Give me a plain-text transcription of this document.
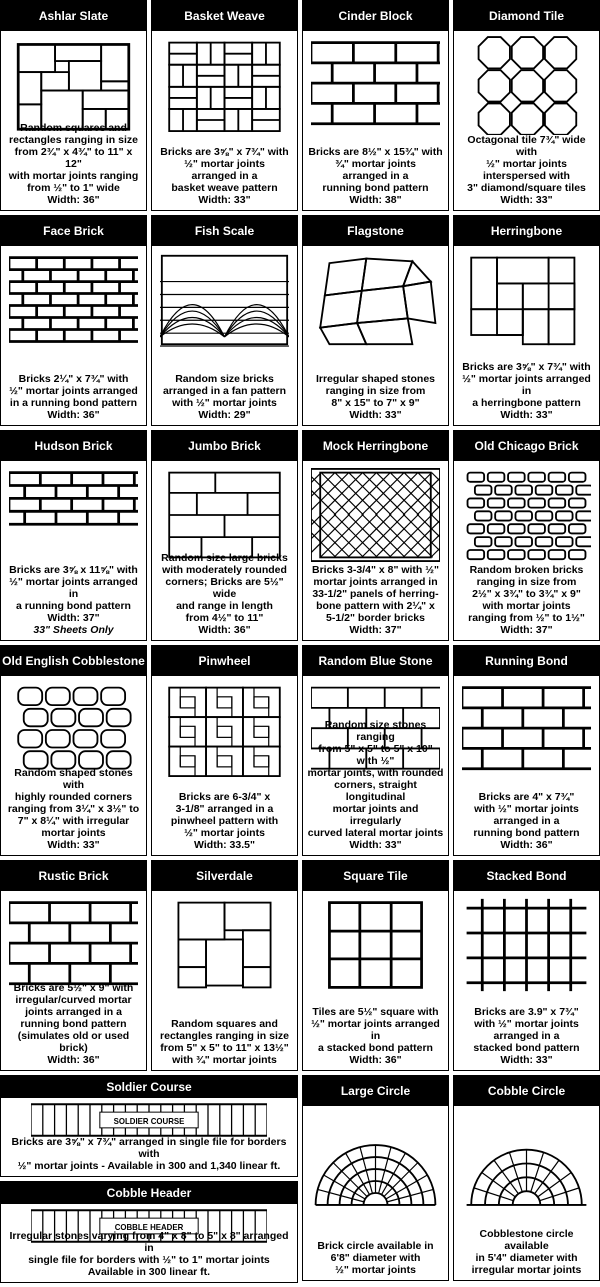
Ashlar Slate
Random squares and
rectangles ranging in size
from 2¾" x 4¾" to 11" x 12"
with mortar joints ranging
from ½" to 1" wide
Width: 36"
Basket Weave
Bricks are 3⅝" x 7¾" with
½" mortar joints
arranged in a
basket weave pattern
Width: 33"
Cinder Block
Bricks are 8½" x 15¾" with
¾" mortar joints
arranged in a
running bond pattern
Width: 38"
Diamond Tile
Octagonal tile 7¾" wide with
½" mortar joints
interspersed with
3" diamond/square tiles
Width: 33"
Face Brick
Bricks 2¼" x 7¾" with
½" mortar joints arranged
in a running bond pattern
Width: 36"
Fish Scale
Random size bricks
arranged in a fan pattern
with ½" mortar joints
Width: 29"
Flagstone
Irregular shaped stones
ranging in size from
8" x 15" to 7" x 9"
Width: 33"
Herringbone
Bricks are 3⅝" x 7¾" with
½" mortar joints arranged in
a herringbone pattern
Width: 33"
Hudson Brick
Bricks are 3⅝ x 11⅝" with
½" mortar joints arranged in
a running bond pattern
Width: 37"
33" Sheets Only
Jumbo Brick
Random size large bricks
with moderately rounded
corners; Bricks are 5½" wide
and range in length
from 4½" to 11"
Width: 36"
Mock Herringbone
Bricks 3-3/4" x 8" with ½"
mortar joints arranged in
33-1/2" panels of herring-
bone pattern with 2¼" x
5-1/2" border bricks
Width: 37"
Old Chicago Brick
Random broken bricks
ranging in size from
2½" x 3¾" to 3¾" x 9"
with mortar joints
ranging from ½" to 1½"
Width: 37"
Old English Cobblestone
Random shaped stones with
highly rounded corners
ranging from 3¼" x 3½" to
7" x 8¼" with irregular
mortar joints
Width: 33"
Pinwheel
Bricks are 6-3/4" x
3-1/8" arranged in a
pinwheel pattern with
½" mortar joints
Width: 33.5"
Random Blue Stone
Random size stones ranging
from 5" x 5" to 5" x 10" with ½"
mortar joints, with rounded
corners, straight longitudinal
mortar joints and irregularly
curved lateral mortar joints
Width: 33"
Running Bond
Bricks are 4" x 7¾"
with ½" mortar joints
arranged in a
running bond pattern
Width: 36"
Rustic Brick
Bricks are 5½" x 9" with
irregular/curved mortar
joints arranged in a
running bond pattern
(simulates old or used brick)
Width: 36"
Silverdale
Random squares and
rectangles ranging in size
from 5" x 5" to 11" x 13½"
with ¾" mortar joints
Square Tile
Tiles are 5½" square with
½" mortar joints arranged in
a stacked bond pattern
Width: 36"
Stacked Bond
Bricks are 3.9" x 7¾"
with ½" mortar joints
arranged in a
stacked bond pattern
Width: 33"
Large Circle
Brick circle available in
6'8" diameter with
½" mortar joints
Cobble Circle
Cobblestone circle available
in 5'4" diameter with
irregular mortar joints
Soldier Course
SOLDIER COURSE
Bricks are 3⅝" x 7¾" arranged in single file for borders with
½" mortar joints - Available in 300 and 1,340 linear ft.
Cobble Header
COBBLE HEADER
Irregular stones varying from 4" x 8" to 5" x 8" arranged in
single file for borders with ½" to 1" mortar joints
Available in 300 linear ft.
